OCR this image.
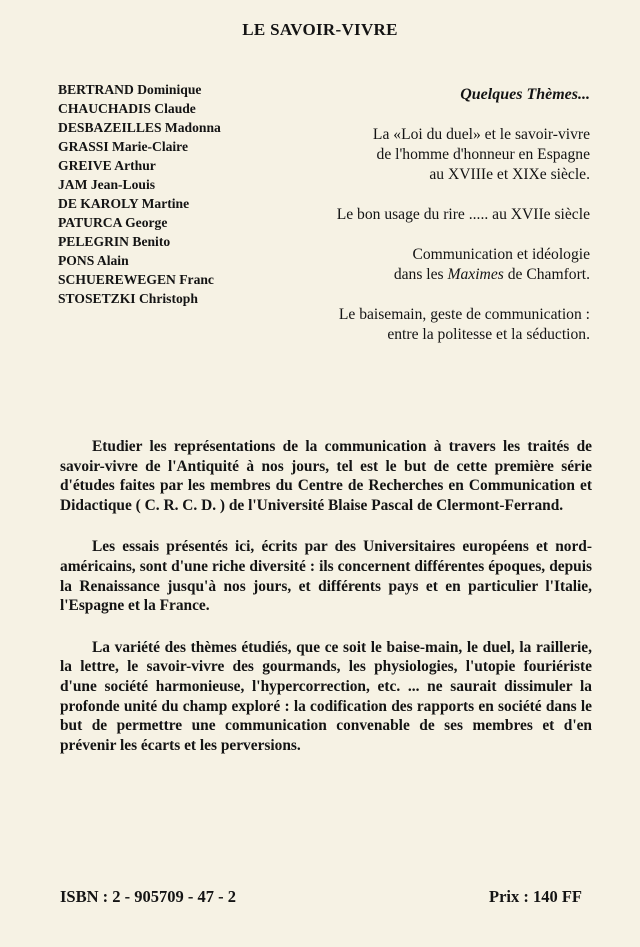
LE SAVOIR-VIVRE
BERTRAND Dominique
CHAUCHADIS Claude
DESBAZEILLES Madonna
GRASSI Marie-Claire
GREIVE Arthur
JAM Jean-Louis
DE KAROLY Martine
PATURCA George
PELEGRIN Benito
PONS Alain
SCHUEREWEGEN Franc
STOSETZKI Christoph
Quelques Thèmes...
La «Loi du duel» et le savoir-vivre
de l'homme d'honneur en Espagne
au XVIIIe et XIXe siècle.
Le bon usage du rire ..... au XVIIe siècle
Communication et idéologie
dans les Maximes de Chamfort.
Le baisemain, geste de communication :
entre la politesse et la séduction.

Etudier les représentations de la communication à travers les traités de savoir-vivre de l'Antiquité à nos jours, tel est le but de cette première série d'études faites par les membres du Centre de Recherches en Communication et Didactique ( C. R. C. D. ) de l'Université Blaise Pascal de Clermont-Ferrand.

Les essais présentés ici, écrits par des Universitaires européens et nord-américains, sont d'une riche diversité : ils concernent différentes époques, depuis la Renaissance jusqu'à nos jours, et différents pays et en particulier l'Italie, l'Espagne et la France.

La variété des thèmes étudiés, que ce soit le baise-main, le duel, la raillerie, la lettre, le savoir-vivre des gourmands, les physiologies, l'utopie fouriériste d'une société harmonieuse, l'hypercorrection, etc. ... ne saurait dissimuler la profonde unité du champ exploré : la codification des rapports en société dans le but de permettre une communication convenable de ses membres et d'en prévenir les écarts et les perversions.

ISBN : 2 - 905709 - 47 - 2	Prix : 140 FF
